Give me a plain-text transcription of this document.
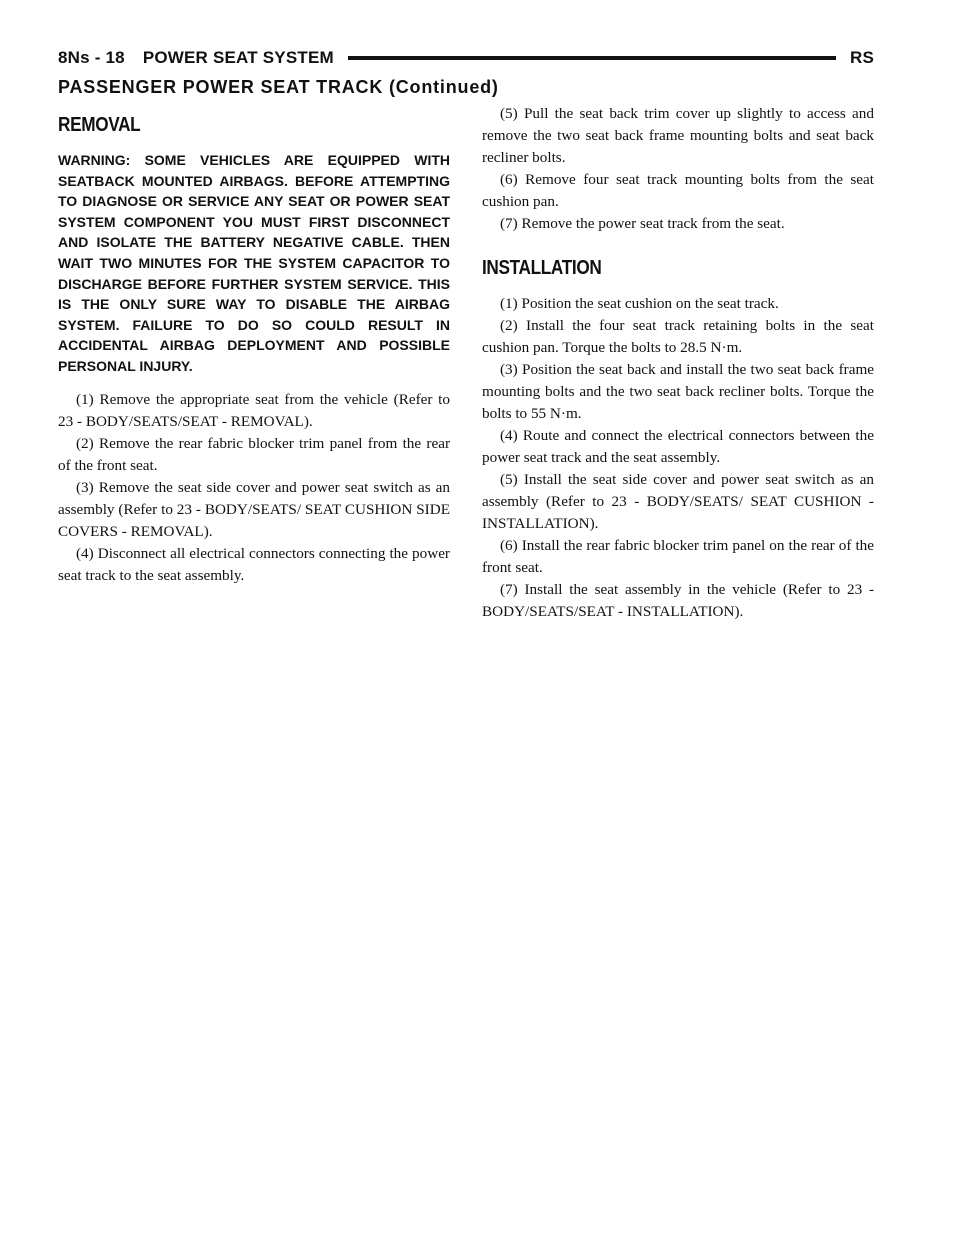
8Ns - 18 POWER SEAT SYSTEM	RS
PASSENGER POWER SEAT TRACK (Continued)
REMOVAL
WARNING: SOME VEHICLES ARE EQUIPPED WITH SEATBACK MOUNTED AIRBAGS. BEFORE ATTEMPTING TO DIAGNOSE OR SERVICE ANY SEAT OR POWER SEAT SYSTEM COMPONENT YOU MUST FIRST DISCONNECT AND ISOLATE THE BATTERY NEGATIVE CABLE. THEN WAIT TWO MINUTES FOR THE SYSTEM CAPACITOR TO DISCHARGE BEFORE FURTHER SYSTEM SERVICE. THIS IS THE ONLY SURE WAY TO DISABLE THE AIRBAG SYSTEM. FAILURE TO DO SO COULD RESULT IN ACCIDENTAL AIRBAG DEPLOYMENT AND POSSIBLE PERSONAL INJURY.

(1) Remove the appropriate seat from the vehicle (Refer to 23 - BODY/SEATS/SEAT - REMOVAL).

(2) Remove the rear fabric blocker trim panel from the rear of the front seat.

(3) Remove the seat side cover and power seat switch as an assembly (Refer to 23 - BODY/SEATS/ SEAT CUSHION SIDE COVERS - REMOVAL).

(4) Disconnect all electrical connectors connecting the power seat track to the seat assembly.

(5) Pull the seat back trim cover up slightly to access and remove the two seat back frame mounting bolts and seat back recliner bolts.

(6) Remove four seat track mounting bolts from the seat cushion pan.

(7) Remove the power seat track from the seat.

INSTALLATION

(1) Position the seat cushion on the seat track.

(2) Install the four seat track retaining bolts in the seat cushion pan. Torque the bolts to 28.5 N·m.

(3) Position the seat back and install the two seat back frame mounting bolts and the two seat back recliner bolts. Torque the bolts to 55 N·m.

(4) Route and connect the electrical connectors between the power seat track and the seat assembly.

(5) Install the seat side cover and power seat switch as an assembly (Refer to 23 - BODY/SEATS/ SEAT CUSHION - INSTALLATION).

(6) Install the rear fabric blocker trim panel on the rear of the front seat.

(7) Install the seat assembly in the vehicle (Refer to 23 - BODY/SEATS/SEAT - INSTALLATION).
